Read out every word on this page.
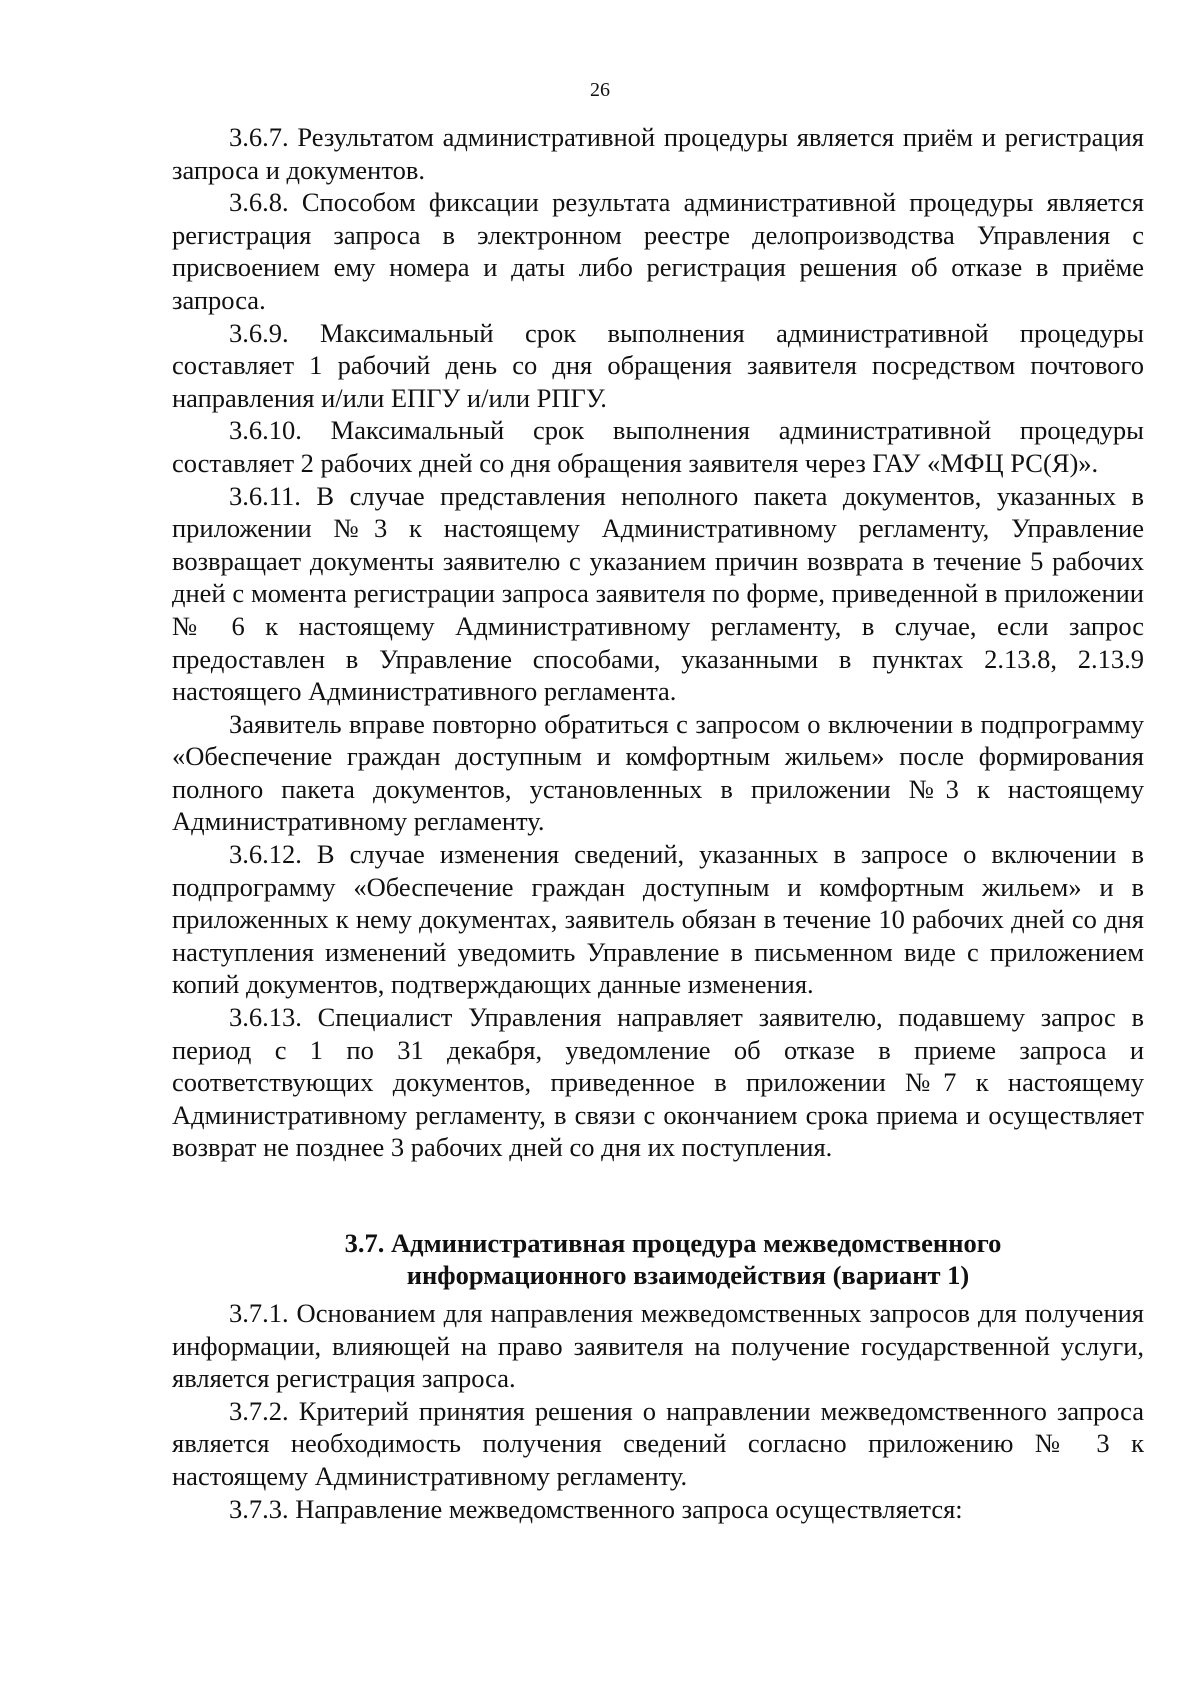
26

3.6.7. Результатом административной процедуры является приём и регистрация запроса и документов.

3.6.8. Способом фиксации результата административной процедуры является регистрация запроса в электронном реестре делопроизводства Управления с присвоением ему номера и даты либо регистрация решения об отказе в приёме запроса.

3.6.9. Максимальный срок выполнения административной процедуры составляет 1 рабочий день со дня обращения заявителя посредством почтового направления и/или ЕПГУ и/или РПГУ.

3.6.10. Максимальный срок выполнения административной процедуры составляет 2 рабочих дней со дня обращения заявителя через ГАУ «МФЦ РС(Я)».

3.6.11. В случае представления неполного пакета документов, указанных в приложении №3 к настоящему Административному регламенту, Управление возвращает документы заявителю с указанием причин возврата в течение 5 рабочих дней с момента регистрации запроса заявителя по форме, приведенной в приложении № 6 к настоящему Административному регламенту, в случае, если запрос предоставлен в Управление способами, указанными в пунктах 2.13.8, 2.13.9 настоящего Административного регламента.

Заявитель вправе повторно обратиться с запросом о включении в подпрограмму «Обеспечение граждан доступным и комфортным жильем» после формирования полного пакета документов, установленных в приложении №3 к настоящему Административному регламенту.

3.6.12. В случае изменения сведений, указанных в запросе о включении в подпрограмму «Обеспечение граждан доступным и комфортным жильем» и в приложенных к нему документах, заявитель обязан в течение 10 рабочих дней со дня наступления изменений уведомить Управление в письменном виде с приложением копий документов, подтверждающих данные изменения.

3.6.13. Специалист Управления направляет заявителю, подавшему запрос в период с 1 по 31 декабря, уведомление об отказе в приеме запроса и соответствующих документов, приведенное в приложении №7 к настоящему Административному регламенту, в связи с окончанием срока приема и осуществляет возврат не позднее 3 рабочих дней со дня их поступления.

3.7. Административная процедура межведомственного
информационного взаимодействия (вариант 1)

3.7.1. Основанием для направления межведомственных запросов для получения информации, влияющей на право заявителя на получение государственной услуги, является регистрация запроса.

3.7.2. Критерий принятия решения о направлении межведомственного запроса является необходимость получения сведений согласно приложению № 3 к настоящему Административному регламенту.

3.7.3. Направление межведомственного запроса осуществляется:
